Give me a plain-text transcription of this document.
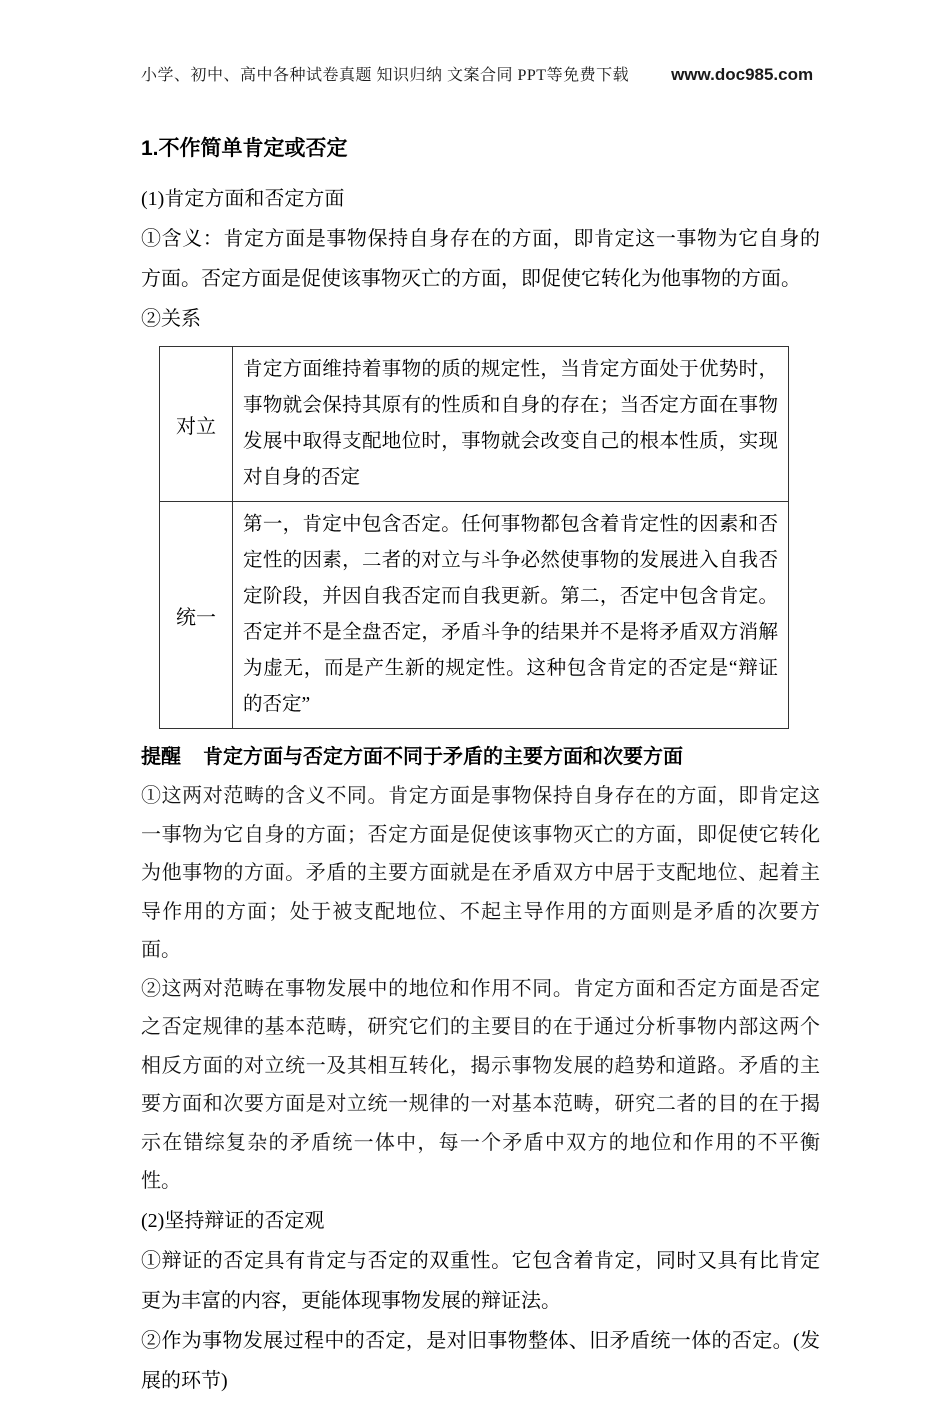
小学、初中、高中各种试卷真题 知识归纳 文案合同 PPT等免费下载 www.doc985.com
1.不作简单肯定或否定

(1)肯定方面和否定方面

①含义：肯定方面是事物保持自身存在的方面，即肯定这一事物为它自身的方面。否定方面是促使该事物灭亡的方面，即促使它转化为他事物的方面。

②关系

对立	肯定方面维持着事物的质的规定性，当肯定方面处于优势时，事物就会保持其原有的性质和自身的存在；当否定方面在事物发展中取得支配地位时，事物就会改变自己的根本性质，实现对自身的否定
统一	第一，肯定中包含否定。任何事物都包含着肯定性的因素和否定性的因素，二者的对立与斗争必然使事物的发展进入自我否定阶段，并因自我否定而自我更新。第二，否定中包含肯定。否定并不是全盘否定，矛盾斗争的结果并不是将矛盾双方消解为虚无，而是产生新的规定性。这种包含肯定的否定是“辩证的否定”

提醒 肯定方面与否定方面不同于矛盾的主要方面和次要方面

①这两对范畴的含义不同。肯定方面是事物保持自身存在的方面，即肯定这一事物为它自身的方面；否定方面是促使该事物灭亡的方面，即促使它转化为他事物的方面。矛盾的主要方面就是在矛盾双方中居于支配地位、起着主导作用的方面；处于被支配地位、不起主导作用的方面则是矛盾的次要方面。

②这两对范畴在事物发展中的地位和作用不同。肯定方面和否定方面是否定之否定规律的基本范畴，研究它们的主要目的在于通过分析事物内部这两个相反方面的对立统一及其相互转化，揭示事物发展的趋势和道路。矛盾的主要方面和次要方面是对立统一规律的一对基本范畴，研究二者的目的在于揭示在错综复杂的矛盾统一体中，每一个矛盾中双方的地位和作用的不平衡性。

(2)坚持辩证的否定观

①辩证的否定具有肯定与否定的双重性。它包含着肯定，同时又具有比肯定更为丰富的内容，更能体现事物发展的辩证法。

②作为事物发展过程中的否定，是对旧事物整体、旧矛盾统一体的否定。(发展的环节)
